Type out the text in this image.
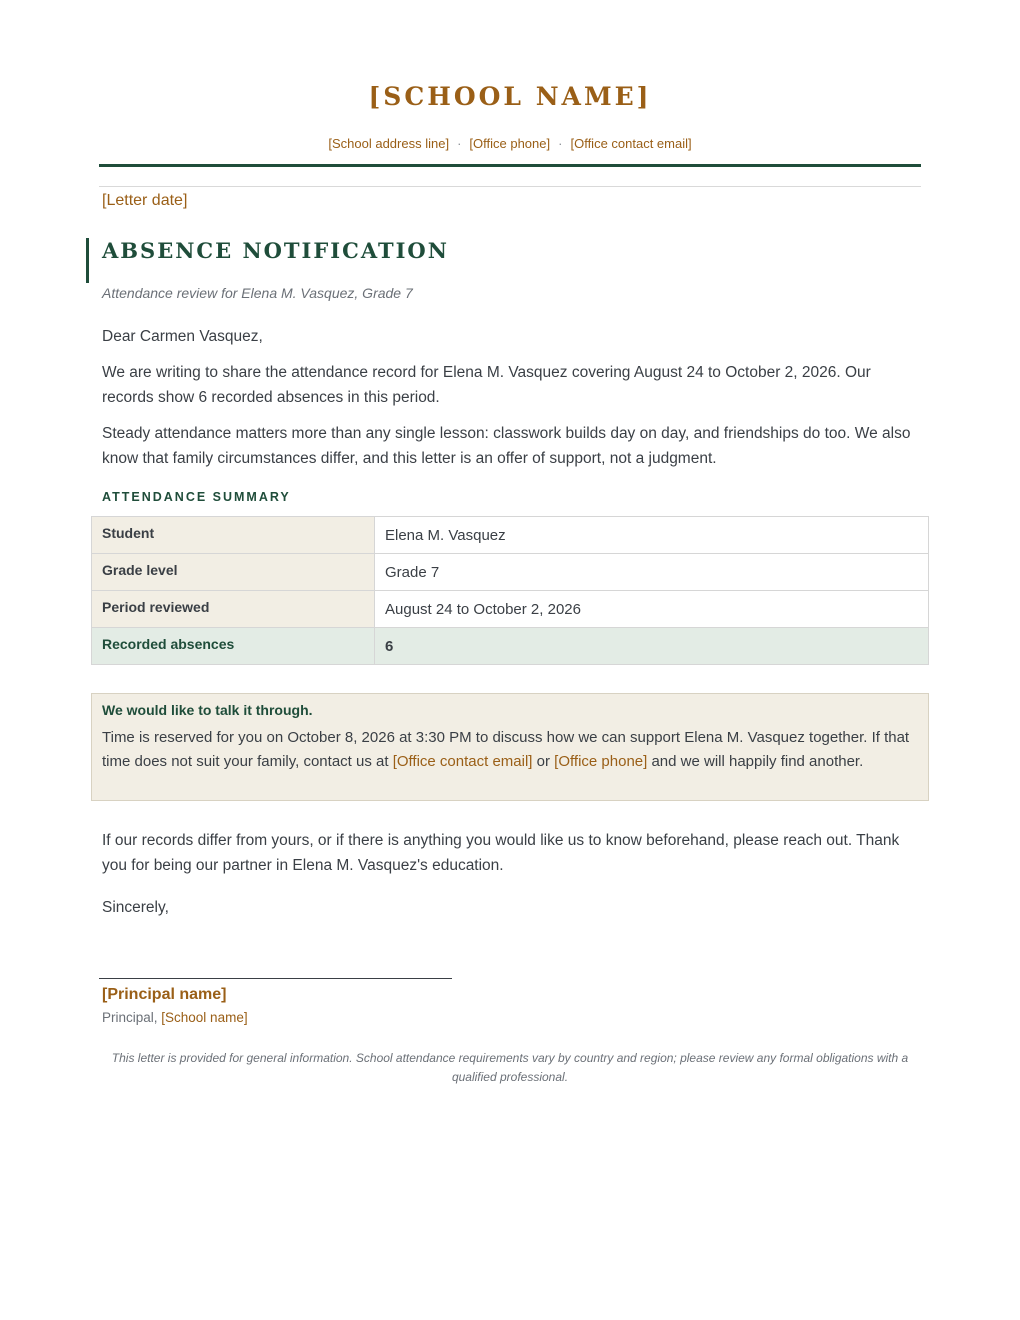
[SCHOOL NAME]
[School address line] · [Office phone] · [Office contact email]
[Letter date]
ABSENCE NOTIFICATION
Attendance review for Elena M. Vasquez, Grade 7

Dear Carmen Vasquez,

We are writing to share the attendance record for Elena M. Vasquez covering August 24 to October 2, 2026. Our records show 6 recorded absences in this period.

Steady attendance matters more than any single lesson: classwork builds day on day, and friendships do too. We also know that family circumstances differ, and this letter is an offer of support, not a judgment.

ATTENDANCE SUMMARY
Student	Elena M. Vasquez
Grade level	Grade 7
Period reviewed	August 24 to October 2, 2026
Recorded absences	6
We would like to talk it through.
Time is reserved for you on October 8, 2026 at 3:30 PM to discuss how we can support Elena M. Vasquez together. If that time does not suit your family, contact us at [Office contact email] or [Office phone] and we will happily find another.

If our records differ from yours, or if there is anything you would like us to know beforehand, please reach out. Thank you for being our partner in Elena M. Vasquez's education.

Sincerely,

[Principal name]
Principal, [School name]
This letter is provided for general information. School attendance requirements vary by country and region; please review any formal obligations with a qualified professional.
